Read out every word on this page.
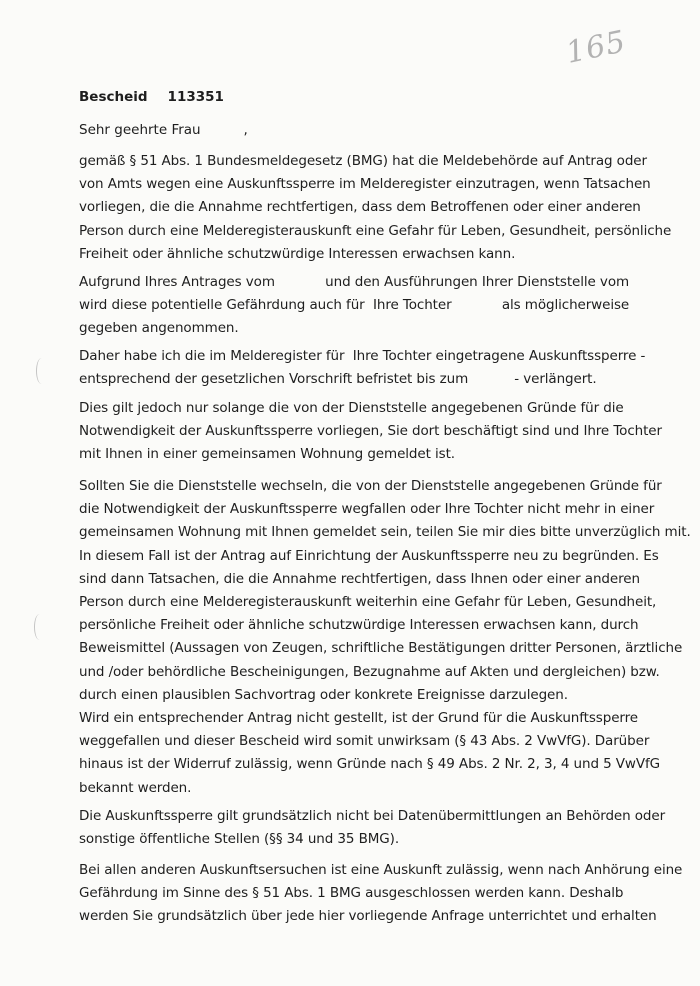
165
Bescheid 113351
Sehr geehrte Frau          ,
gemäß § 51 Abs. 1 Bundesmeldegesetz (BMG) hat die Meldebehörde auf Antrag oder
von Amts wegen eine Auskunftssperre im Melderegister einzutragen, wenn Tatsachen
vorliegen, die die Annahme rechtfertigen, dass dem Betroffenen oder einer anderen
Person durch eine Melderegisterauskunft eine Gefahr für Leben, Gesundheit, persönliche
Freiheit oder ähnliche schutzwürdige Interessen erwachsen kann.
Aufgrund Ihres Antrages vom            und den Ausführungen Ihrer Dienststelle vom
wird diese potentielle Gefährdung auch für  Ihre Tochter            als möglicherweise
gegeben angenommen.
Daher habe ich die im Melderegister für  Ihre Tochter eingetragene Auskunftssperre -
entsprechend der gesetzlichen Vorschrift befristet bis zum           - verlängert.
Dies gilt jedoch nur solange die von der Dienststelle angegebenen Gründe für die
Notwendigkeit der Auskunftssperre vorliegen, Sie dort beschäftigt sind und Ihre Tochter
mit Ihnen in einer gemeinsamen Wohnung gemeldet ist.
Sollten Sie die Dienststelle wechseln, die von der Dienststelle angegebenen Gründe für
die Notwendigkeit der Auskunftssperre wegfallen oder Ihre Tochter nicht mehr in einer
gemeinsamen Wohnung mit Ihnen gemeldet sein, teilen Sie mir dies bitte unverzüglich mit.
In diesem Fall ist der Antrag auf Einrichtung der Auskunftssperre neu zu begründen. Es
sind dann Tatsachen, die die Annahme rechtfertigen, dass Ihnen oder einer anderen
Person durch eine Melderegisterauskunft weiterhin eine Gefahr für Leben, Gesundheit,
persönliche Freiheit oder ähnliche schutzwürdige Interessen erwachsen kann, durch
Beweismittel (Aussagen von Zeugen, schriftliche Bestätigungen dritter Personen, ärztliche
und /oder behördliche Bescheinigungen, Bezugnahme auf Akten und dergleichen) bzw.
durch einen plausiblen Sachvortrag oder konkrete Ereignisse darzulegen.
Wird ein entsprechender Antrag nicht gestellt, ist der Grund für die Auskunftssperre
weggefallen und dieser Bescheid wird somit unwirksam (§ 43 Abs. 2 VwVfG). Darüber
hinaus ist der Widerruf zulässig, wenn Gründe nach § 49 Abs. 2 Nr. 2, 3, 4 und 5 VwVfG
bekannt werden.
Die Auskunftssperre gilt grundsätzlich nicht bei Datenübermittlungen an Behörden oder
sonstige öffentliche Stellen (§§ 34 und 35 BMG).
Bei allen anderen Auskunftsersuchen ist eine Auskunft zulässig, wenn nach Anhörung eine
Gefährdung im Sinne des § 51 Abs. 1 BMG ausgeschlossen werden kann. Deshalb
werden Sie grundsätzlich über jede hier vorliegende Anfrage unterrichtet und erhalten
